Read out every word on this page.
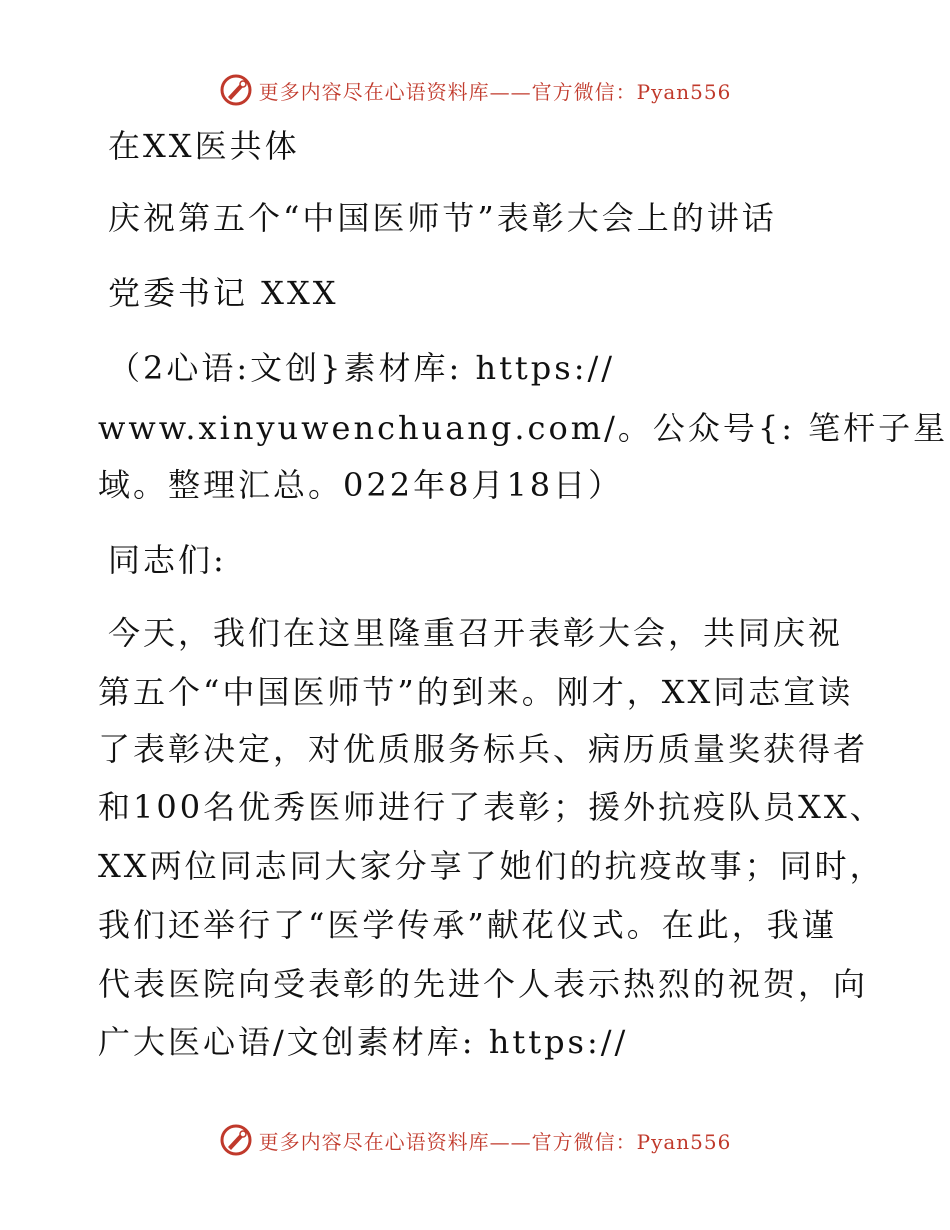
更多内容尽在心语资料库——官方微信：Pyan556
在XX医共体
庆祝第五个“中国医师节”表彰大会上的讲话
党委书记 XXX
（2心语:文创}素材库: https://
www.xinyuwenchuang.com/。公众号{: 笔杆子星
域。整理汇总。022年8月18日）
同志们:
今天，我们在这里隆重召开表彰大会，共同庆祝
第五个“中国医师节”的到来。刚才，XX同志宣读
了表彰决定，对优质服务标兵、病历质量奖获得者
和100名优秀医师进行了表彰；援外抗疫队员XX、
XX两位同志同大家分享了她们的抗疫故事；同时，
我们还举行了“医学传承”献花仪式。在此，我谨
代表医院向受表彰的先进个人表示热烈的祝贺，向
广大医心语/文创素材库: https://
更多内容尽在心语资料库——官方微信：Pyan556
